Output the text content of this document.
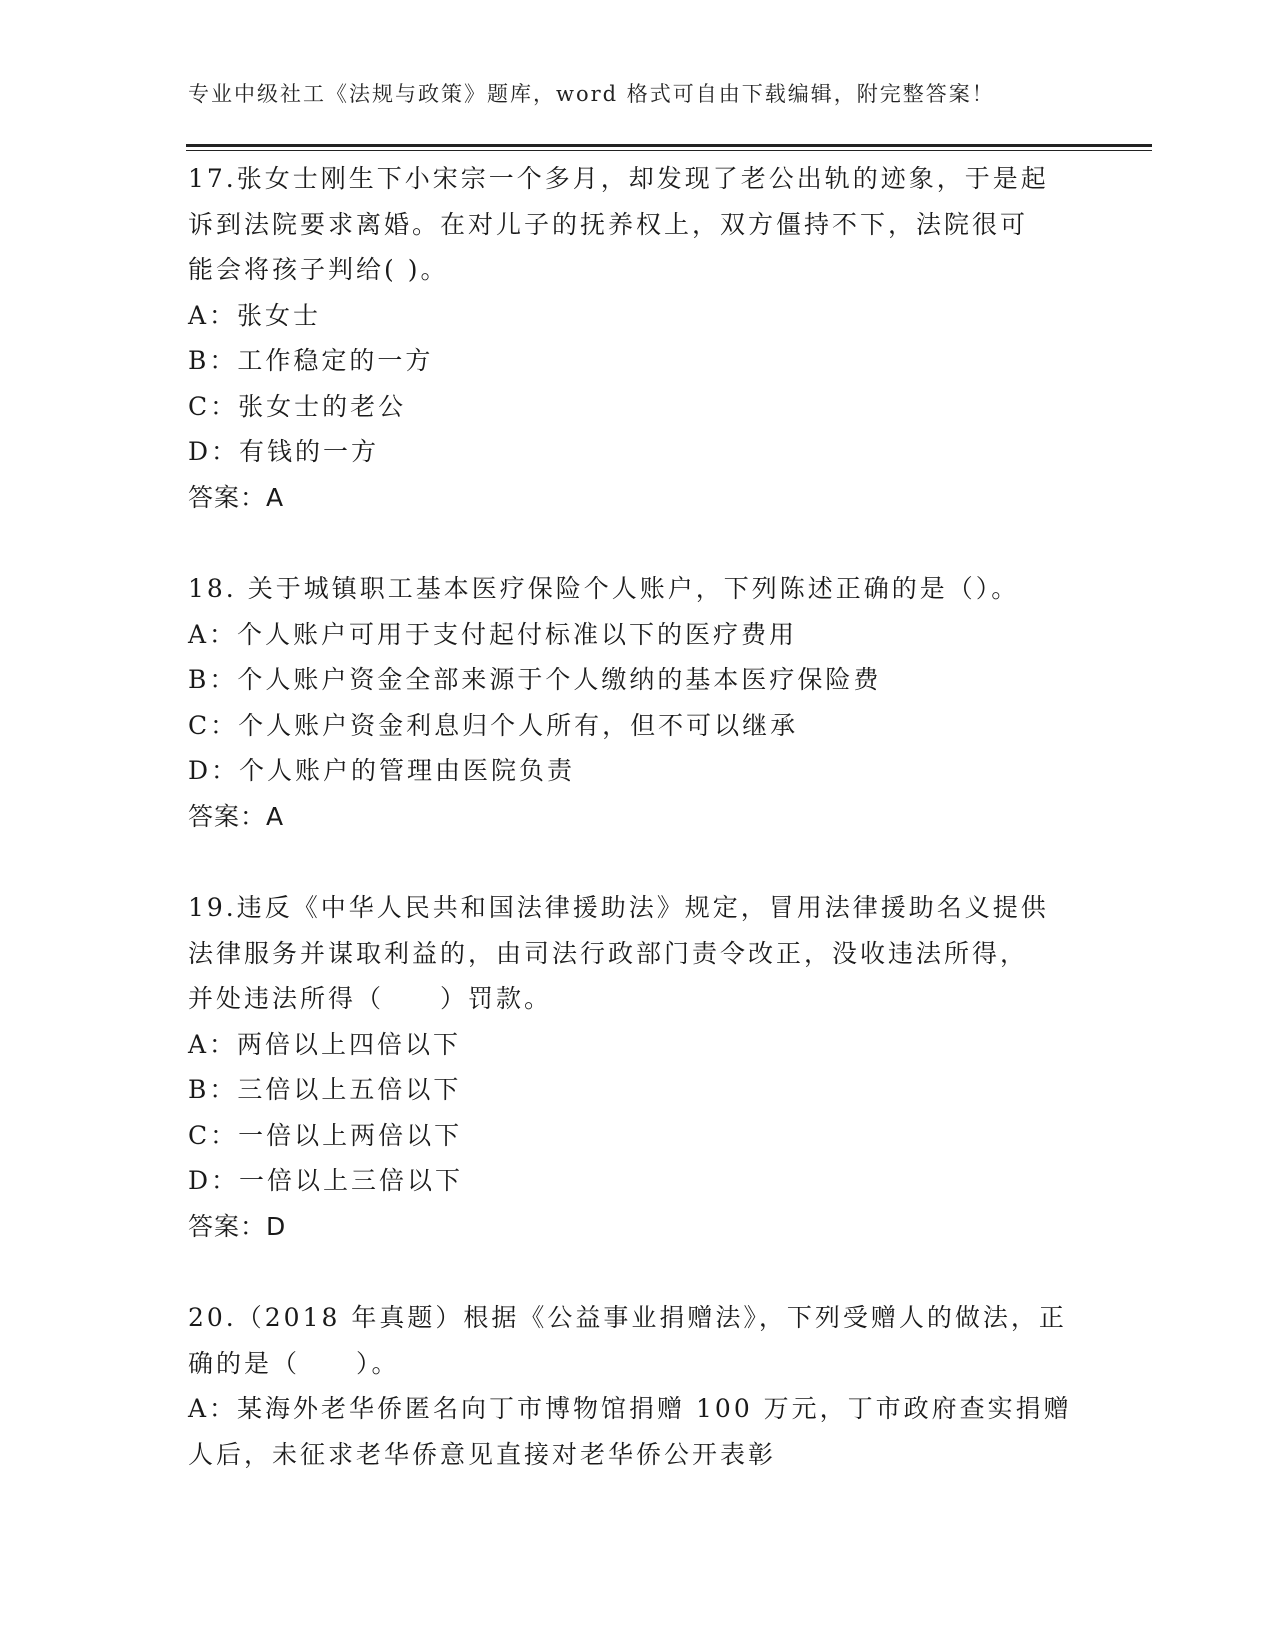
专业中级社工《法规与政策》题库，word 格式可自由下载编辑，附完整答案！
17.张女士刚生下小宋宗一个多月，却发现了老公出轨的迹象，于是起
诉到法院要求离婚。在对儿子的抚养权上，双方僵持不下，法院很可
能会将孩子判给( )。
A：张女士
B：工作稳定的一方
C：张女士的老公
D：有钱的一方
答案：A
18. 关于城镇职工基本医疗保险个人账户，下列陈述正确的是（）。
A：个人账户可用于支付起付标准以下的医疗费用
B：个人账户资金全部来源于个人缴纳的基本医疗保险费
C：个人账户资金利息归个人所有，但不可以继承
D：个人账户的管理由医院负责
答案：A
19.违反《中华人民共和国法律援助法》规定，冒用法律援助名义提供
法律服务并谋取利益的，由司法行政部门责令改正，没收违法所得，
并处违法所得（　　）罚款。
A：两倍以上四倍以下
B：三倍以上五倍以下
C：一倍以上两倍以下
D：一倍以上三倍以下
答案：D
20.（2018 年真题）根据《公益事业捐赠法》，下列受赠人的做法，正
确的是（　　）。
A：某海外老华侨匿名向丁市博物馆捐赠 100 万元，丁市政府查实捐赠
人后，未征求老华侨意见直接对老华侨公开表彰
